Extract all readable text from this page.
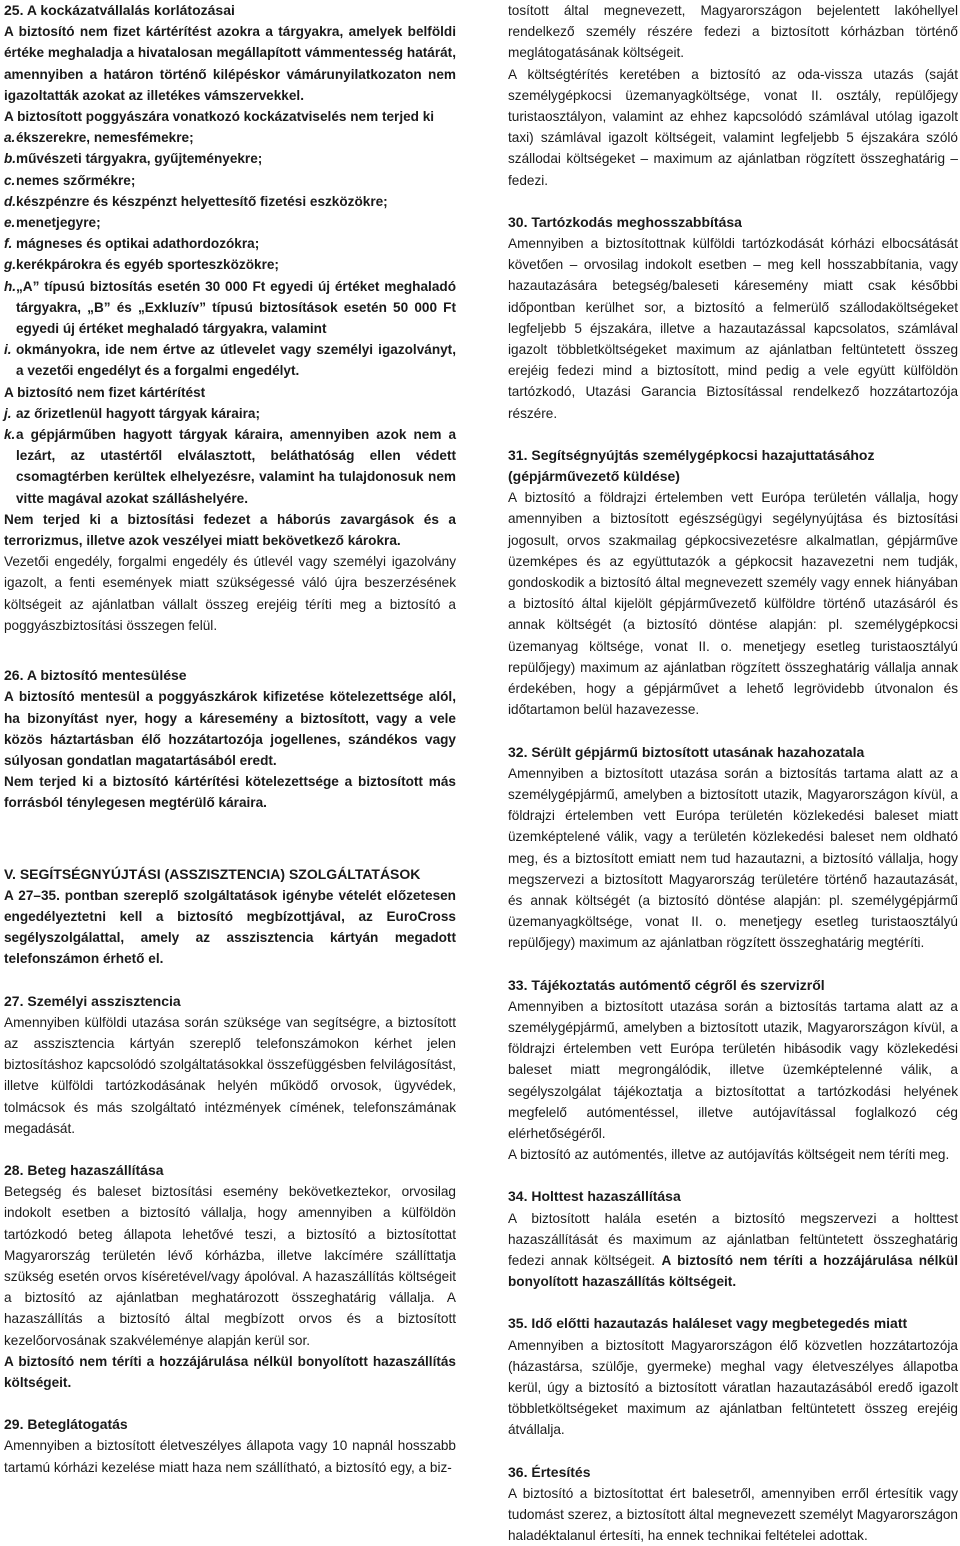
25. A kockázatvállalás korlátozásai

A biztosító nem fizet kártérítést azokra a tárgyakra, amelyek belföldi értéke meghaladja a hivatalosan megállapított vámmentesség határát, amennyiben a határon történő kilépéskor vámárunyilatkozaton nem igazoltatták azokat az illetékes vámszervekkel.

A biztosított poggyászára vonatkozó kockázatviselés nem terjed ki

a. ékszerekre, nemesfémekre;
b. művészeti tárgyakra, gyűjteményekre;
c. nemes szőrmékre;
d. készpénzre és készpénzt helyettesítő fizetési eszközökre;
e. menetjegyre;
f. mágneses és optikai adathordozókra;
g. kerékpárokra és egyéb sporteszközökre;
h. „A” típusú biztosítás esetén 30 000 Ft egyedi új értéket meghaladó tárgyakra, „B” és „Exkluzív” típusú biztosítások esetén 50 000 Ft egyedi új értéket meghaladó tárgyakra, valamint
i. okmányokra, ide nem értve az útlevelet vagy személyi igazolványt, a vezetői engedélyt és a forgalmi engedélyt.

A biztosító nem fizet kártérítést

j. az őrizetlenül hagyott tárgyak káraira;
k. a gépjárműben hagyott tárgyak káraira, amennyiben azok nem a lezárt, az utastértől elválasztott, beláthatóság ellen védett csomagtérben kerültek elhelyezésre, valamint ha tulajdonosuk nem vitte magával azokat szálláshelyére.

Nem terjed ki a biztosítási fedezet a háborús zavargások és a terrorizmus, illetve azok veszélyei miatt bekövetkező károkra.

Vezetői engedély, forgalmi engedély és útlevél vagy személyi igazolvány igazolt, a fenti események miatt szükségessé váló újra beszerzésének költségeit az ajánlatban vállalt összeg erejéig téríti meg a biztosító a poggyászbiztosítási összegen felül.

26. A biztosító mentesülése

A biztosító mentesül a poggyászkárok kifizetése kötelezettsége alól, ha bizonyítást nyer, hogy a káresemény a biztosított, vagy a vele közös háztartásban élő hozzátartozója jogellenes, szándékos vagy súlyosan gondatlan magatartásából eredt.

Nem terjed ki a biztosító kártérítési kötelezettsége a biztosított más forrásból ténylegesen megtérülő káraira.

V. SEGÍTSÉGNYÚJTÁSI (ASSZISZTENCIA) SZOLGÁLTATÁSOK

A 27–35. pontban szereplő szolgáltatások igénybe vételét előzetesen engedélyeztetni kell a biztosító megbízottjával, az EuroCross segélyszolgálattal, amely az asszisztencia kártyán megadott telefonszámon érhető el.

27. Személyi asszisztencia

Amennyiben külföldi utazása során szüksége van segítségre, a biztosított az asszisztencia kártyán szereplő telefonszámokon kérhet jelen biztosításhoz kapcsolódó szolgáltatásokkal összefüggésben felvilágosítást, illetve külföldi tartózkodásának helyén működő orvosok, ügyvédek, tolmácsok és más szolgáltató intézmények címének, telefonszámának megadását.

28. Beteg hazaszállítása

Betegség és baleset biztosítási esemény bekövetkeztekor, orvosilag indokolt esetben a biztosító vállalja, hogy amennyiben a külföldön tartózkodó beteg állapota lehetővé teszi, a biztosító a biztosítottat Magyarország területén lévő kórházba, illetve lakcímére szállíttatja szükség esetén orvos kíséretével/vagy ápolóval. A hazaszállítás költségeit a biztosító az ajánlatban meghatározott összeghatárig vállalja. A hazaszállítás a biztosító által megbízott orvos és a biztosított kezelőorvosának szakvéleménye alapján kerül sor.

A biztosító nem téríti a hozzájárulása nélkül bonyolított hazaszállítás költségeit.

29. Beteglátogatás

Amennyiben a biztosított életveszélyes állapota vagy 10 napnál hosszabb tartamú kórházi kezelése miatt haza nem szállítható, a biztosító egy, a biz-

tosított által megnevezett, Magyarországon bejelentett lakóhellyel rendelkező személy részére fedezi a biztosított kórházban történő meglátogatásának költségeit.

A költségtérítés keretében a biztosító az oda-vissza utazás (saját személygépkocsi üzemanyagköltsége, vonat II. osztály, repülőjegy turistaosztályon, valamint az ehhez kapcsolódó számlával utólag igazolt taxi) számlával igazolt költségeit, valamint legfeljebb 5 éjszakára szóló szállodai költségeket – maximum az ajánlatban rögzített összeghatárig – fedezi.

30. Tartózkodás meghosszabbítása

Amennyiben a biztosítottnak külföldi tartózkodását kórházi elbocsátását követően – orvosilag indokolt esetben – meg kell hosszabbítania, vagy hazautazására betegség/baleseti káresemény miatt csak későbbi időpontban kerülhet sor, a biztosító a felmerülő szállodaköltségeket legfeljebb 5 éjszakára, illetve a hazautazással kapcsolatos, számlával igazolt többletköltségeket maximum az ajánlatban feltüntetett összeg erejéig fedezi mind a biztosított, mind pedig a vele együtt külföldön tartózkodó, Utazási Garancia Biztosítással rendelkező hozzátartozója részére.

31. Segítségnyújtás személygépkocsi hazajuttatásához (gépjárművezető küldése)

A biztosító a földrajzi értelemben vett Európa területén vállalja, hogy amennyiben a biztosított egészségügyi segélynyújtása és biztosítási jogosult, orvos szakmailag gépkocsivezetésre alkalmatlan, gépjárműve üzemképes és az együttutazók a gépkocsit hazavezetni nem tudják, gondoskodik a biztosító által megnevezett személy vagy ennek hiányában a biztosító által kijelölt gépjárművezető külföldre történő utazásáról és annak költségét (a biztosító döntése alapján: pl. személygépkocsi üzemanyag költsége, vonat II. o. menetjegy esetleg turistaosztályú repülőjegy) maximum az ajánlatban rögzített összeghatárig vállalja annak érdekében, hogy a gépjárművet a lehető legrövidebb útvonalon és időtartamon belül hazavezesse.

32. Sérült gépjármű biztosított utasának hazahozatala

Amennyiben a biztosított utazása során a biztosítás tartama alatt az a személygépjármű, amelyben a biztosított utazik, Magyarországon kívül, a földrajzi értelemben vett Európa területén közlekedési baleset miatt üzemképtelené válik, vagy a területén közlekedési baleset nem oldható meg, és a biztosított emiatt nem tud hazautazni, a biztosító vállalja, hogy megszervezi a biztosított Magyarország területére történő hazautazását, és annak költségét (a biztosító döntése alapján: pl. személygépjármű üzemanyagköltsége, vonat II. o. menetjegy esetleg turistaosztályú repülőjegy) maximum az ajánlatban rögzített összeghatárig megtéríti.

33. Tájékoztatás autómentő cégről és szervizről

Amennyiben a biztosított utazása során a biztosítás tartama alatt az a személygépjármű, amelyben a biztosított utazik, Magyarországon kívül, a földrajzi értelemben vett Európa területén hibásodik vagy közlekedési baleset miatt megrongálódik, illetve üzemképtelenné válik, a segélyszolgálat tájékoztatja a biztosítottat a tartózkodási helyének megfelelő autómentéssel, illetve autójavítással foglalkozó cég elérhetőségéről.

A biztosító az autómentés, illetve az autójavítás költségeit nem téríti meg.

34. Holttest hazaszállítása

A biztosított halála esetén a biztosító megszervezi a holttest hazaszállítását és maximum az ajánlatban feltüntetett összeghatárig fedezi annak költségeit. A biztosító nem téríti a hozzájárulása nélkül bonyolított hazaszállítás költségeit.

35. Idő előtti hazautazás haláleset vagy megbetegedés miatt

Amennyiben a biztosított Magyarországon élő közvetlen hozzátartozója (házastársa, szülője, gyermeke) meghal vagy életveszélyes állapotba kerül, úgy a biztosító a biztosított váratlan hazautazásából eredő igazolt többletköltségeket maximum az ajánlatban feltüntetett összeg erejéig átvállalja.

36. Értesítés

A biztosító a biztosítottat ért balesetről, amennyiben erről értesítik vagy tudomást szerez, a biztosított által megnevezett személyt Magyarországon haladéktalanul értesíti, ha ennek technikai feltételei adottak.
